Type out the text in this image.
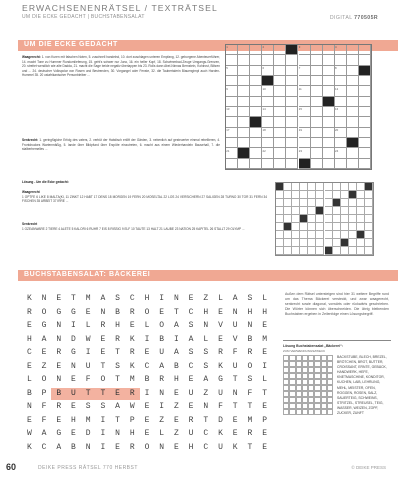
ERWACHSENENRÄTSEL / TEXTRÄTSEL
UM DIE ECKE GEDACHT | BUCHSTABENSALAT	DIGITAL 770505R
UM DIE ECKE GEDACHT
Waagerecht: 1. von Kuren mit falschen Noten, 5. zuschnell handelnd, 10. dort zuschlagen unteren Empfang, 12. geborgene Abenteuerführer, 14. macht Tone zu Hummer Rundumlieferung, 15. geht's schwer nur Juno, 16. ein heller Kopf, 18. Schwimmbad-Zeuge Umgangs-Grenzen, 20. streitet wendlich wie alte Dadda, 21. macht die Sage beide negativ überlappen bis 23. Rolls dann Abel-Ninnas Bernstein, Kohlrost, Blitzen und ... 24. deutscher Volkspolar von Rosen und Bestrenden, 30. Vorgangel oder Fenste, 32. die Taubertalerin Blauengimpl auch Harden-Hummel 35. 20 ostafrikanischer Personbleiber ...
Senkrecht: 1. geringfügiche Erfolg des vaters, 2. verbüt der Habdisch erlöft der Gärden, 3. nebenlich auf gesteuerter einmal rebellieren, 4. Frontdruckes Wartenmäßig, 5. lande über Bildpfund über Erzpöte einzutreten, 6. macht aus einem Wiederhandeln Bausehall, 7. die stalberhemelles ...
1	2	3	4
5	6	7	8
9	10	11	12
13	14	15	16
17	18	19	20
21	22	23	24
Lösung - Um die Ecke gedacht:
Waagerecht
1 OPTFE 6 LIKE 8 MALTA(KI, 11 ZINKT 12 HABT 17 DENS 18 MORGEN 19 FERN 20 MOSELTAL 22 LOS 24 VERSICHERN 27 SALIGEN 28 TURNO 30 TOR 31 FERN 34 FISCHEN 35 ARBEIT 37 IRRE ...
Senkrecht
1 OZEANWARE 2 TIERE 4 ALETE 5 KALORI 6 RUHR 7 EIS 8 RISSIG 9 ELF 10 TAUTE 13 HALT 21 LAUBE 23 NATION 25 KAPITEL 26 STALLT 29 OLYMP ...
BUCHSTABENSALAT: BÄCKEREI
K	N	E	T	M	A	S	C	H	I	N	E	Z	L	A	S	L
R	O	G	G	E	N	B	R	O	E	T	C	H	E	N	H	H
E	G	N	I	L	R	H	E	L	O	A	S	N	V	U	N	E
H	A	N	D	W	E	R	K	I	B	I	A	L	E	V	B	M
C	E	R	G	I	E	T	R	E	U	A	S	S	R	F	R	E
E	Z	E	N	U	T	S	K	C	A	B	C	S	K	U	O	I
L	O	N	E	F	O	T	M	B	R	H	E	A	G	T	S	L
B	P	B	U	T	T	E	R	I	N	E	U	Z	U	N	F	T
N	F	R	E	S	S	A	W	E	I	Z	E	N	F	T	T	E
E	F	E	H	M	I	T	P	E	Z	E	R	T	D	E	M	P
W	A	G	E	D	I	N	H	E	L	Z	U	C	K	E	R	E
K	C	A	B	N	I	E	R	O	N	E	H	C	U	K	T	E
Außen dem Rätsel untersteigen sind hier 31 weitere Begriffe rund um das Thema Bäckerei versteckt, und zwar waagerecht, senkrecht sowie diagonal, vorwärts oder rückwärts geschrieben. Die Wörter können sich überschneiden. Die übrig bleibenden Buchstaben ergeben in Zeilenfolge einen Lösungsbegriff.
Lösung Buchstabensalat „Bäckerei“:
ZUM VERWENDUNGSZWECK
BACKSTUBE, BLECH, BREZEL, BRÖTCHEN, BROT, BUTTER, CROISSANT, ERNTE, GEBÄCK, HANDWERK, HEFE, KNETMASCHINE, KONDITOR, KUCHEN, LAIB, LEHRLING, MEHL, MEISTER, OFEN, ROGGEN, ROSEN, SALZ, SAUERTEIG, SCHWEINS, STRITZEL, STREUSEL, TEIG, WASSER, WEIZEN, ZOPF, ZUCKER, ZUNFT
60	DEIKE PRESS RÄTSEL 770 HERBST	© DEIKE PRESS
